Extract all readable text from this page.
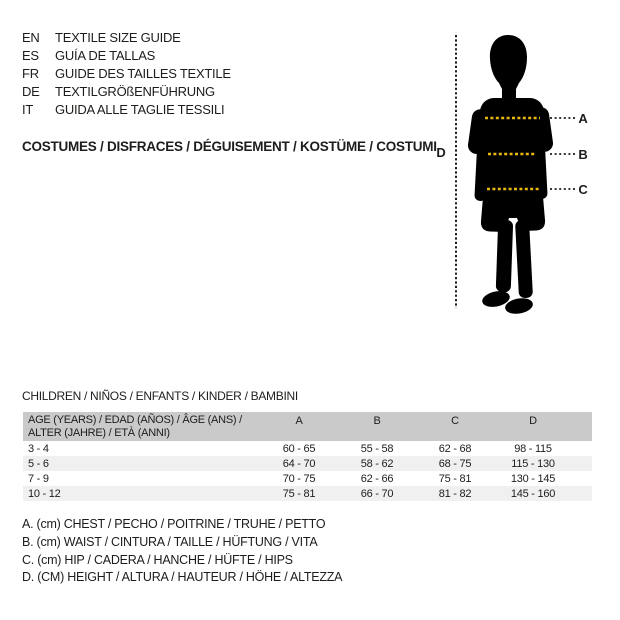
EN	TEXTILE SIZE GUIDE
ES	GUÍA DE TALLAS
FR	GUIDE DES TAILLES TEXTILE
DE	TEXTILGRÖßENFÜHRUNG
IT	GUIDA ALLE TAGLIE TESSILI
COSTUMES / DISFRACES / DÉGUISEMENT / KOSTÜME / COSTUMI
A
B
C
D
CHILDREN / NIÑOS / ENFANTS / KINDER / BAMBINI
AGE (YEARS) / EDAD (AÑOS) / ÂGE (ANS) /
ALTER (JAHRE) / ETÀ (ANNI)
A	B	C	D
3 - 4	60 - 65	55 - 58	62 - 68	98 - 115
5 - 6	64 - 70	58 - 62	68 - 75	115 - 130
7 - 9	70 - 75	62 - 66	75 - 81	130 - 145
10 - 12	75 - 81	66 - 70	81 - 82	145 - 160
A. (cm) CHEST / PECHO / POITRINE / TRUHE / PETTO
B. (cm) WAIST / CINTURA / TAILLE / HÜFTUNG / VITA
C. (cm) HIP / CADERA / HANCHE / HÜFTE / HIPS
D. (CM) HEIGHT / ALTURA / HAUTEUR / HÖHE / ALTEZZA
